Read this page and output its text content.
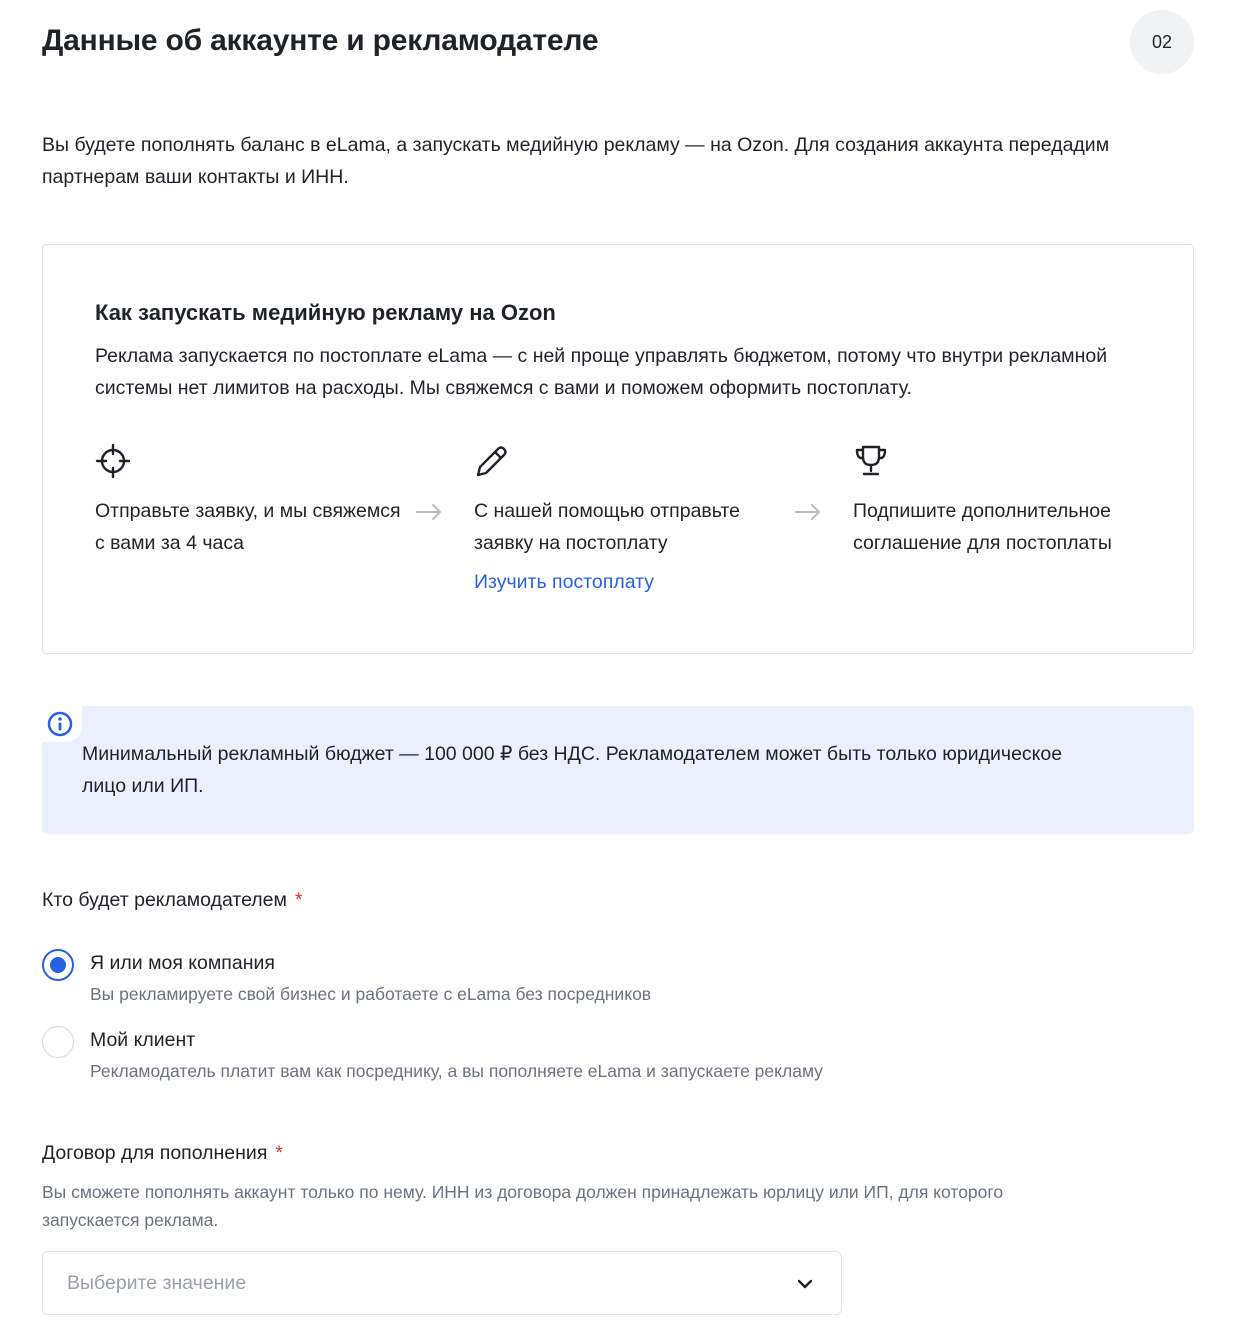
Данные об аккаунте и рекламодателе	02

Вы будете пополнять баланс в eLama, а запускать медийную рекламу — на Ozon. Для создания аккаунта передадим партнерам ваши контакты и ИНН.

Как запускать медийную рекламу на Ozon

Реклама запускается по постоплате eLama — с ней проще управлять бюджетом, потому что внутри рекламной системы нет лимитов на расходы. Мы свяжемся с вами и поможем оформить постоплату.

Отправьте заявку, и мы свяжемся с вами за 4 часа
С нашей помощью отправьте заявку на постоплату
Изучить постоплату
Подпишите дополнительное соглашение для постоплаты

Минимальный рекламный бюджет — 100 000 ₽ без НДС. Рекламодателем может быть только юридическое лицо или ИП.

Кто будет рекламодателем *
Я или моя компания
Вы рекламируете свой бизнес и работаете с eLama без посредников
Мой клиент
Рекламодатель платит вам как посреднику, а вы пополняете eLama и запускаете рекламу
Договор для пополнения *

Вы сможете пополнять аккаунт только по нему. ИНН из договора должен принадлежать юрлицу или ИП, для которого запускается реклама.

Выберите значение
